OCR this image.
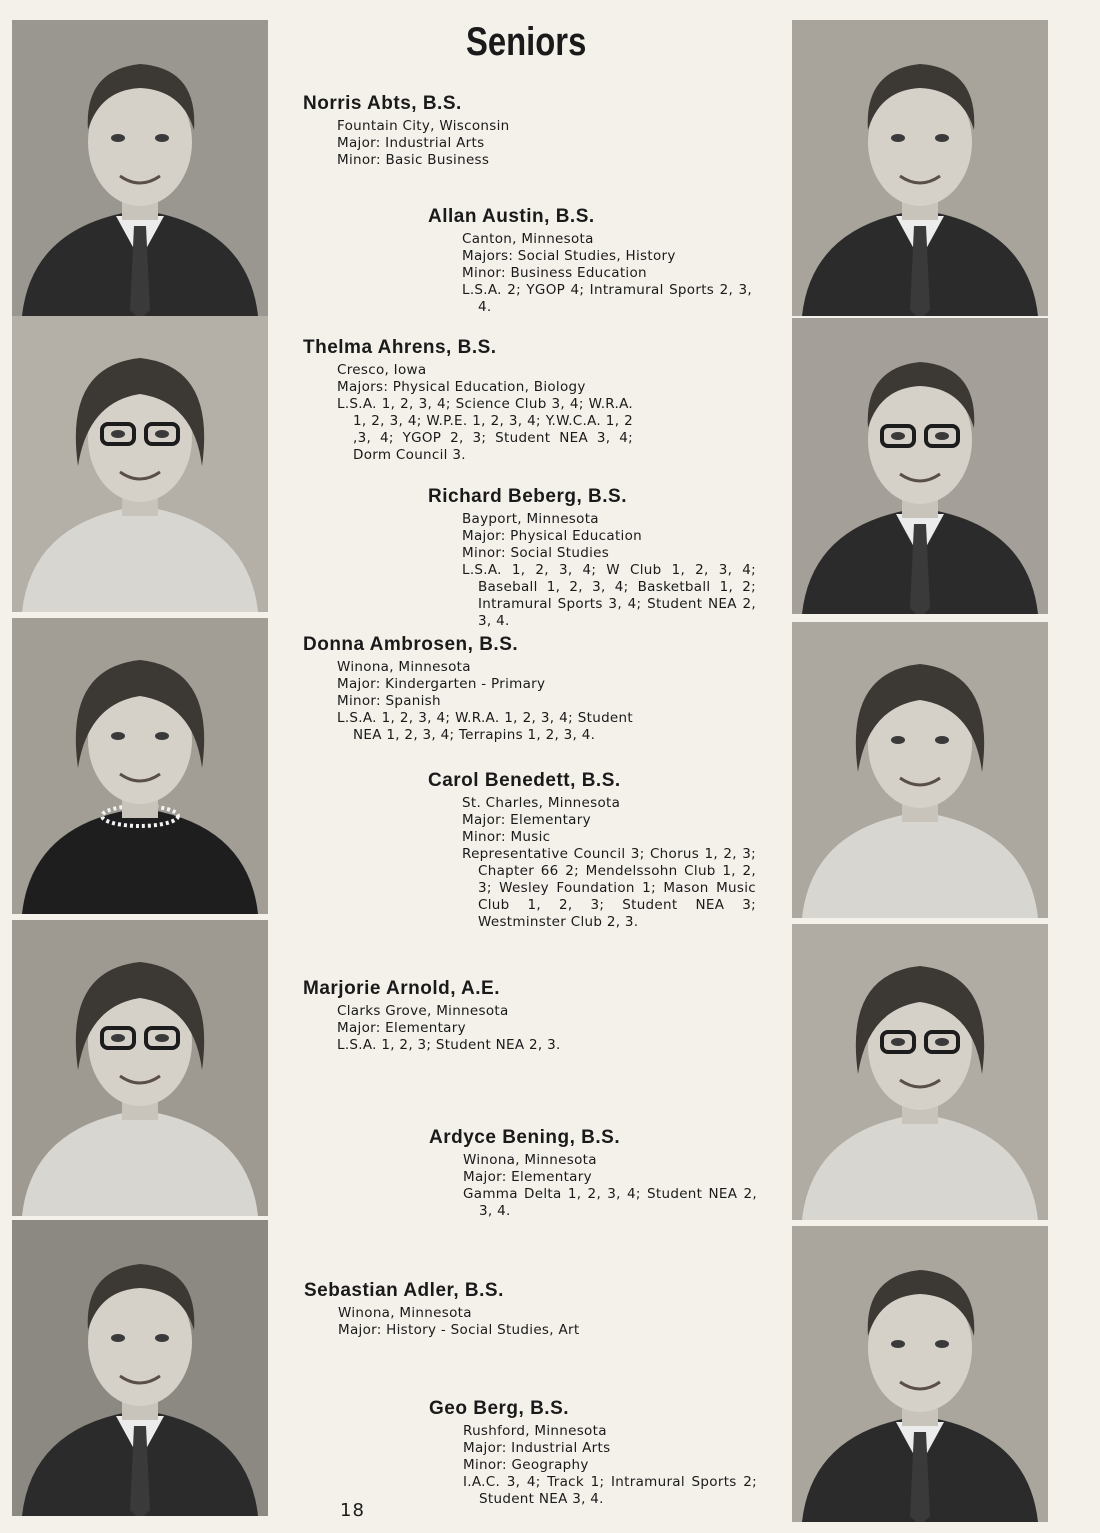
Seniors
Norris Abts, B.S.
Fountain City, Wisconsin
Major: Industrial Arts
Minor: Basic Business
Allan Austin, B.S.
Canton, Minnesota
Majors: Social Studies, History
Minor: Business Education
L.S.A. 2; YGOP 4; Intramural Sports 2, 3, 4.
Thelma Ahrens, B.S.
Cresco, Iowa
Majors: Physical Education, Biology
L.S.A. 1, 2, 3, 4; Science Club 3, 4; W.R.A. 1, 2, 3, 4; W.P.E. 1, 2, 3, 4; Y.W.C.A. 1, 2 ,3, 4; YGOP 2, 3; Student NEA 3, 4; Dorm Council 3.
Richard Beberg, B.S.
Bayport, Minnesota
Major: Physical Education
Minor: Social Studies
L.S.A. 1, 2, 3, 4; W Club 1, 2, 3, 4; Baseball 1, 2, 3, 4; Basketball 1, 2; Intramural Sports 3, 4; Student NEA 2, 3, 4.
Donna Ambrosen, B.S.
Winona, Minnesota
Major: Kindergarten - Primary
Minor: Spanish
L.S.A. 1, 2, 3, 4; W.R.A. 1, 2, 3, 4; Student NEA 1, 2, 3, 4; Terrapins 1, 2, 3, 4.
Carol Benedett, B.S.
St. Charles, Minnesota
Major: Elementary
Minor: Music
Representative Council 3; Chorus 1, 2, 3; Chapter 66 2; Mendelssohn Club 1, 2, 3; Wesley Foundation 1; Mason Music Club 1, 2, 3; Student NEA 3; Westminster Club 2, 3.
Marjorie Arnold, A.E.
Clarks Grove, Minnesota
Major: Elementary
L.S.A. 1, 2, 3; Student NEA 2, 3.
Ardyce Bening, B.S.
Winona, Minnesota
Major: Elementary
Gamma Delta 1, 2, 3, 4; Student NEA 2, 3, 4.
Sebastian Adler, B.S.
Winona, Minnesota
Major: History - Social Studies, Art
Geo Berg, B.S.
Rushford, Minnesota
Major: Industrial Arts
Minor: Geography
I.A.C. 3, 4; Track 1; Intramural Sports 2; Student NEA 3, 4.
18
